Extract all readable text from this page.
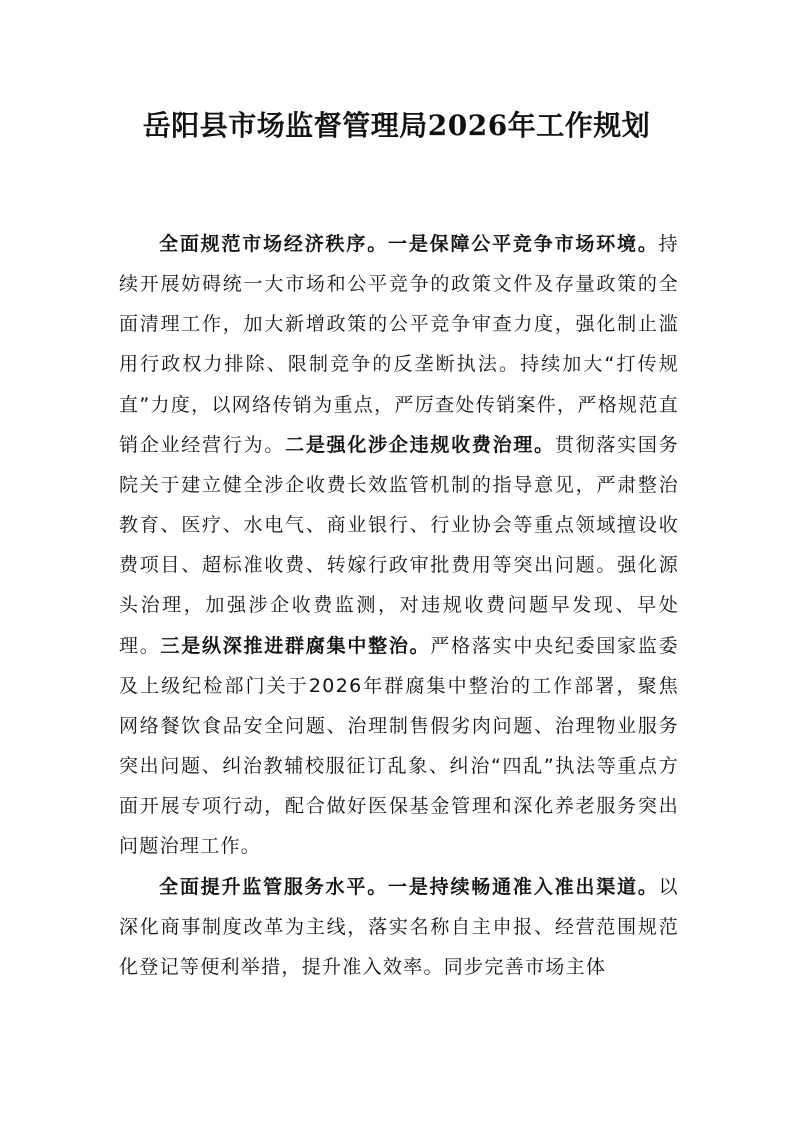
岳阳县市场监督管理局2026年工作规划

全面规范市场经济秩序。一是保障公平竞争市场环境。持续开展妨碍统一大市场和公平竞争的政策文件及存量政策的全面清理工作，加大新增政策的公平竞争审查力度，强化制止滥用行政权力排除、限制竞争的反垄断执法。持续加大“打传规直”力度，以网络传销为重点，严厉查处传销案件，严格规范直销企业经营行为。二是强化涉企违规收费治理。贯彻落实国务院关于建立健全涉企收费长效监管机制的指导意见，严肃整治教育、医疗、水电气、商业银行、行业协会等重点领域擅设收费项目、超标准收费、转嫁行政审批费用等突出问题。强化源头治理，加强涉企收费监测，对违规收费问题早发现、早处理。三是纵深推进群腐集中整治。严格落实中央纪委国家监委及上级纪检部门关于2026年群腐集中整治的工作部署，聚焦网络餐饮食品安全问题、治理制售假劣肉问题、治理物业服务突出问题、纠治教辅校服征订乱象、纠治“四乱”执法等重点方面开展专项行动，配合做好医保基金管理和深化养老服务突出问题治理工作。

全面提升监管服务水平。一是持续畅通准入准出渠道。以深化商事制度改革为主线，落实名称自主申报、经营范围规范化登记等便利举措，提升准入效率。同步完善市场主体
